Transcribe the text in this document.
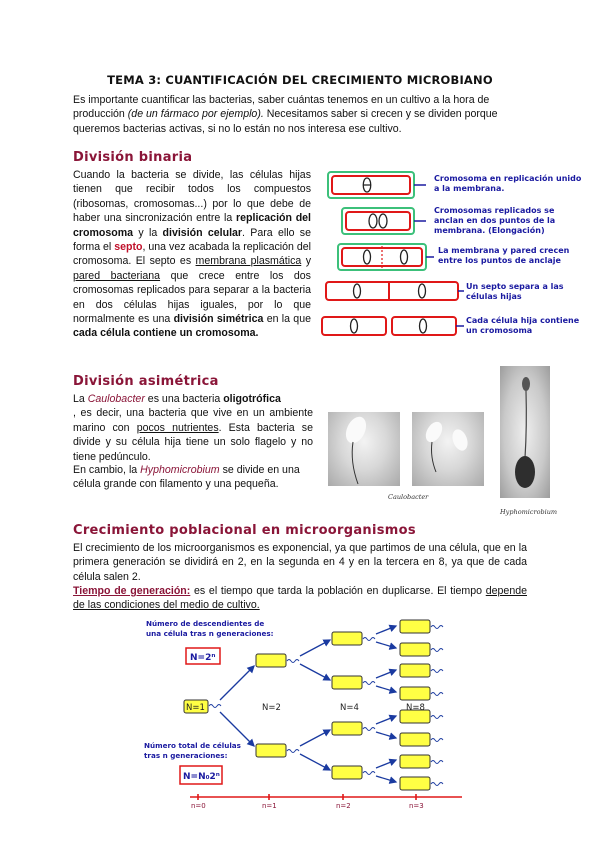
TEMA 3: CUANTIFICACIÓN DEL CRECIMIENTO MICROBIANO
Es importante cuantificar las bacterias, saber cuántas tenemos en un cultivo a la hora de
producción (de un fármaco por ejemplo). Necesitamos saber si crecen y se dividen porque
queremos bacterias activas, si no lo están no nos interesa ese cultivo.
División binaria
Cuando la bacteria se divide, las células hijas tienen que recibir todos los compuestos (ribosomas, cromosomas...) por lo que debe de haber una sincronización entre la replicación del cromosoma y la división celular. Para ello se forma el septo, una vez acabada la replicación del cromosoma. El septo es membrana plasmática y pared bacteriana que crece entre los dos cromosomas replicados para separar a la bacteria en dos células hijas iguales, por lo que normalmente es una división simétrica en la que cada célula contiene un cromosoma.
Cromosoma en replicación unido
a la membrana.
Cromosomas replicados se
anclan en dos puntos de la
membrana. (Elongación)
La membrana y pared crecen
entre los puntos de anclaje
Un septo separa a las
células hijas
Cada célula hija contiene
un cromosoma
División asimétrica
La Caulobacter es una bacteria oligotrófica
, es decir, una bacteria que vive en un ambiente marino con pocos nutrientes. Esta bacteria se divide y su célula hija tiene un solo flagelo y no tiene pedúnculo.
En cambio, la Hyphomicrobium se divide en una célula grande con filamento y una pequeña.
Caulobacter
Hyphomicrobium
Crecimiento poblacional en microorganismos
El crecimiento de los microorganismos es exponencial, ya que partimos de una célula, que en la primera generación se dividirá en 2, en la segunda en 4 y en la tercera en 8, ya que de cada célula salen 2.
Tiempo de generación: es el tiempo que tarda la población en duplicarse. El tiempo depende de las condiciones del medio de cultivo.
Número de descendientes de
una célula tras n generaciones:
N=2ⁿ
Número total de células
tras n generaciones:
N=N₀2ⁿ
N=1	N=2	N=4	N=8
n=0	n=1	n=2	n=3
